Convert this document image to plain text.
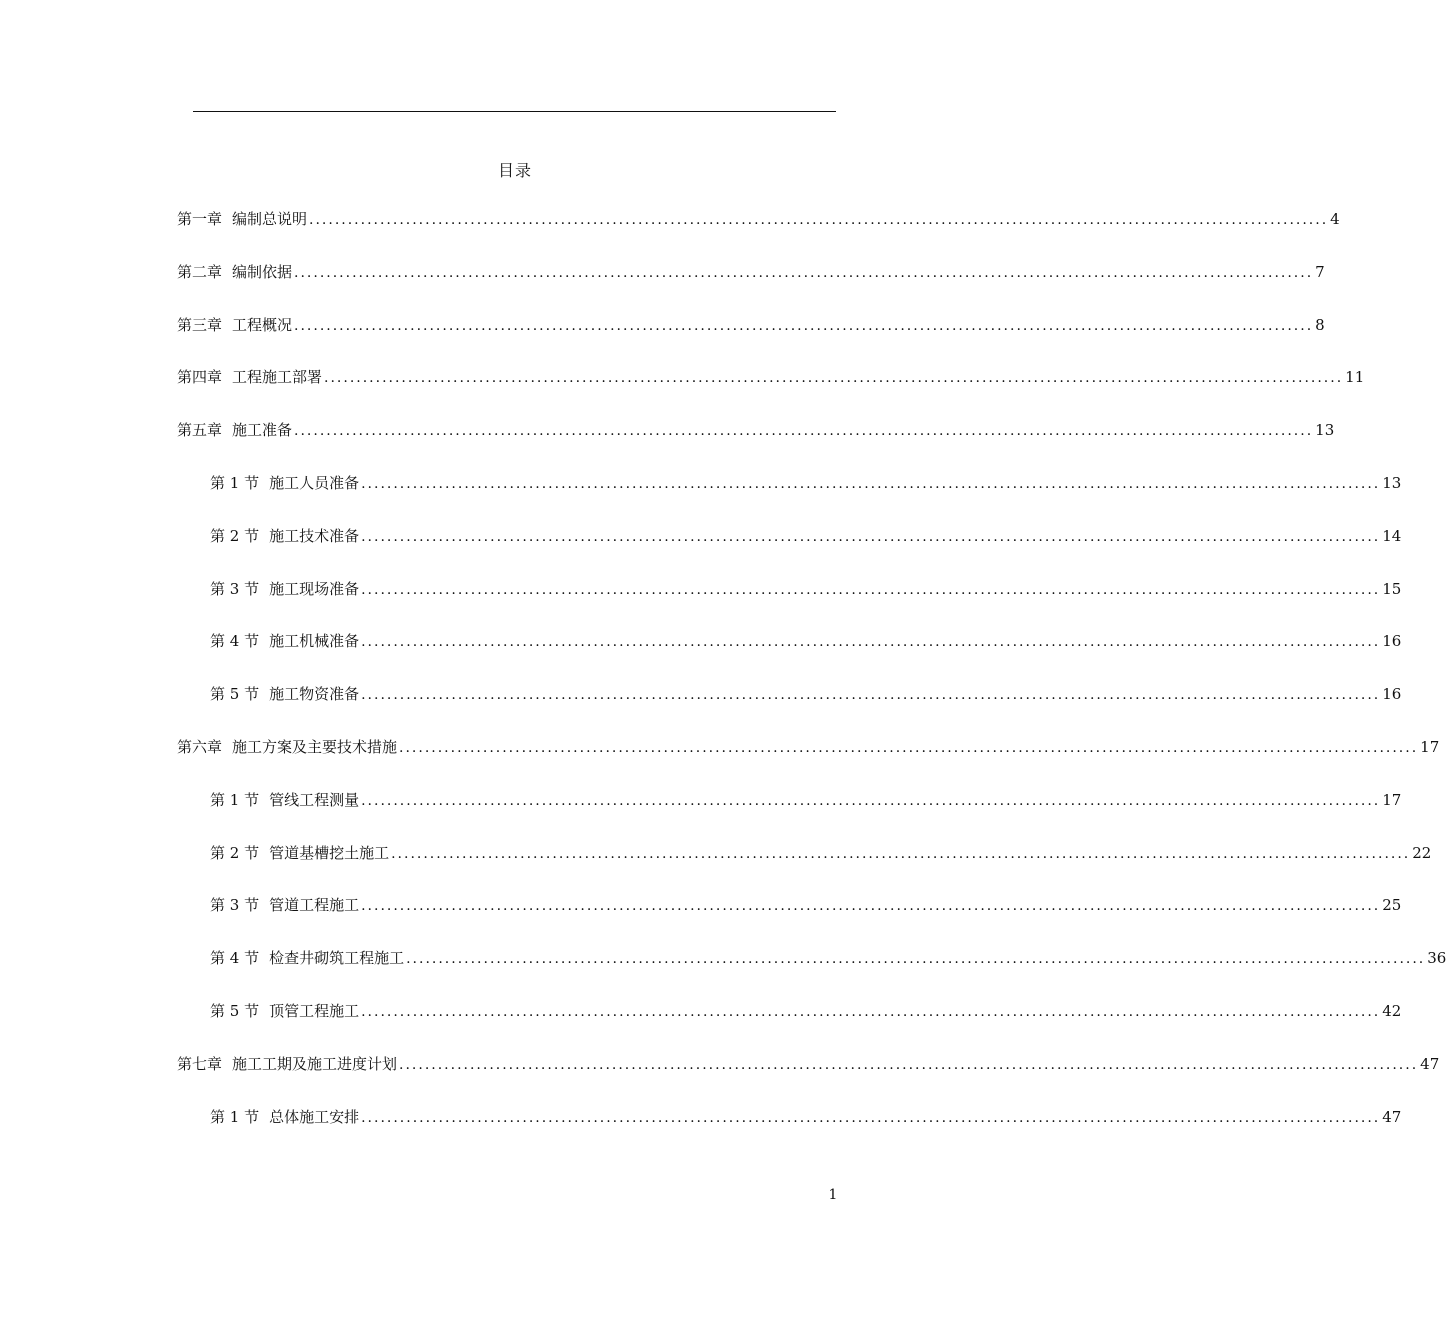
目录
第一章 编制总说明 .............................................................................................................................................................. 4
第二章 编制依据 .............................................................................................................................................................. 7
第三章 工程概况 .............................................................................................................................................................. 8
第四章 工程施工部署 .............................................................................................................................................................. 11
第五章 施工准备 .............................................................................................................................................................. 13
第 1 节 施工人员准备 .............................................................................................................................................................. 13
第 2 节 施工技术准备 .............................................................................................................................................................. 14
第 3 节 施工现场准备 .............................................................................................................................................................. 15
第 4 节 施工机械准备 .............................................................................................................................................................. 16
第 5 节 施工物资准备 .............................................................................................................................................................. 16
第六章 施工方案及主要技术措施 .............................................................................................................................................................. 17
第 1 节 管线工程测量 .............................................................................................................................................................. 17
第 2 节 管道基槽挖土施工 .............................................................................................................................................................. 22
第 3 节 管道工程施工 .............................................................................................................................................................. 25
第 4 节 检查井砌筑工程施工 .............................................................................................................................................................. 36
第 5 节 顶管工程施工 .............................................................................................................................................................. 42
第七章 施工工期及施工进度计划 .............................................................................................................................................................. 47
第 1 节 总体施工安排 .............................................................................................................................................................. 47
1
